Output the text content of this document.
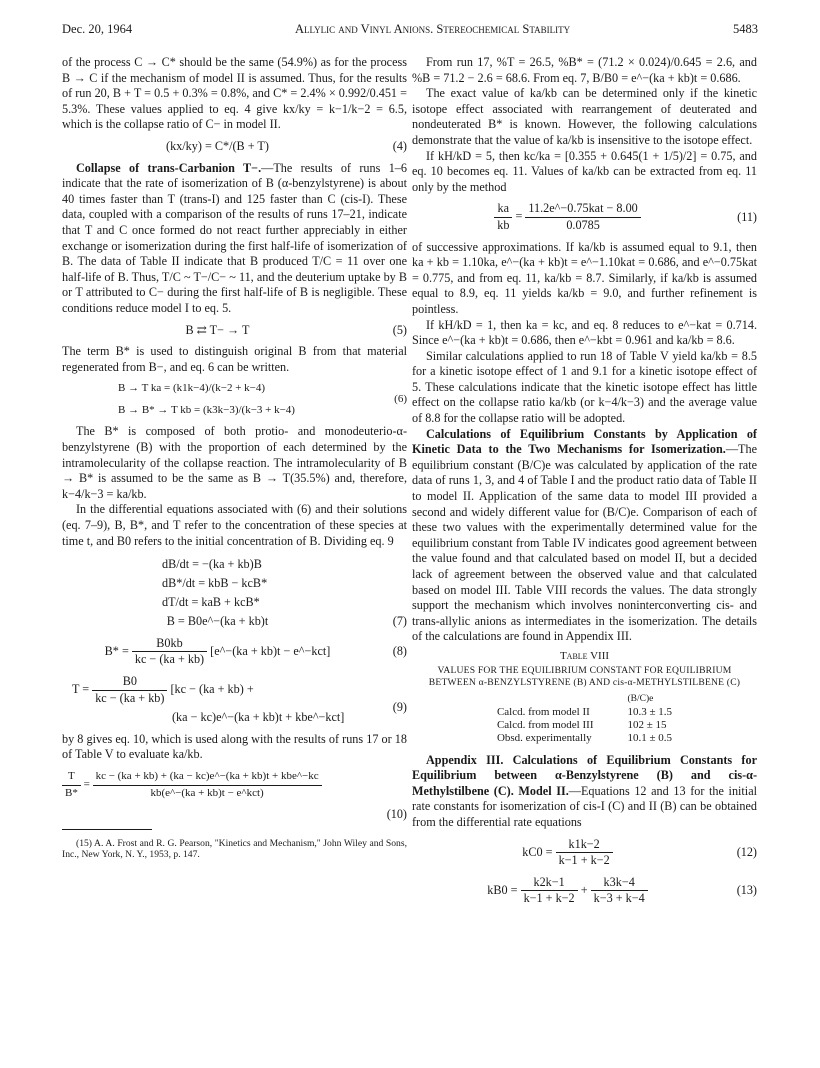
Dec. 20, 1964	Allylic and Vinyl Anions. Stereochemical Stability	5483

of the process C → C* should be the same (54.9%) as for the process B → C if the mechanism of model II is assumed. Thus, for the results of run 20, B + T = 0.5 + 0.3% = 0.8%, and C* = 2.4% × 0.992/0.451 = 5.3%. These values applied to eq. 4 give kx/ky = k−1/k−2 = 6.5, which is the collapse ratio of C− in model II.

(kx/ky) = C*/(B + T)	(4)

Collapse of trans-Carbanion T−.—The results of runs 1–6 indicate that the rate of isomerization of B (α-benzylstyrene) is about 40 times faster than T (trans-I) and 125 faster than C (cis-I). These data, coupled with a comparison of the results of runs 17–21, indicate that T and C once formed do not react further appreciably in either exchange or isomerization during the first half-life of isomerization of B. The data of Table II indicate that B produced T/C = 11 over one half-life of B. Thus, T/C ~ T−/C− ~ 11, and the deuterium uptake by B or T attributed to C− during the first half-life of B is negligible. These conditions reduce model I to eq. 5.

B ⇄ T− → T	(5)

The term B* is used to distinguish original B from that material regenerated from B−, and eq. 6 can be written.

B → T ka = (k1k−4)/(k−2 + k−4)
B → B* → T kb = (k3k−3)/(k−3 + k−4)
(6)

The B* is composed of both protio- and monodeuterio-α-benzylstyrene (B) with the proportion of each determined by the intramolecularity of the collapse reaction. The intramolecularity of B → B* is assumed to be the same as B → T(35.5%) and, therefore, k−4/k−3 = ka/kb.

In the differential equations associated with (6) and their solutions (eq. 7–9), B, B*, and T refer to the concentration of these species at time t, and B0 refers to the initial concentration of B. Dividing eq. 9

dB/dt = −(ka + kb)B
dB*/dt = kbB − kcB*
dT/dt = kaB + kcB*
B = B0e^−(ka + kb)t	(7)
$B* = \frac{B0kb}{kc - (ka + kb)}$ [e^−(ka + kb)t − e^−kct]	(8)
$T = \frac{B0}{kc - (ka + kb)} [kc - (ka + kb)$ +
(ka − kc)e^−(ka + kb)t + kbe^−kct]
(9)

by 8 gives eq. 10, which is used along with the results of runs 17 or 18 of Table V to evaluate ka/kb.

$\frac{T}{B*} = \frac{\text{kc − (ka + kb) + (ka − kc)e\textasciicircum{}−(ka + kb)t + kbe\textasciicircum{}−kc}}{\text{kb(e\textasciicircum{}−(ka + kb)t − e\textasciicircum{}kct)}}$
(10)
(15) A. A. Frost and R. G. Pearson, "Kinetics and Mechanism," John Wiley and Sons, Inc., New York, N. Y., 1953, p. 147.

From run 17, %T = 26.5, %B* = (71.2 × 0.024)/0.645 = 2.6, and %B = 71.2 − 2.6 = 68.6. From eq. 7, B/B0 = e^−(ka + kb)t = 0.686.

The exact value of ka/kb can be determined only if the kinetic isotope effect associated with rearrangement of deuterated and nondeuterated B* is known. However, the following calculations demonstrate that the value of ka/kb is insensitive to the isotope effect.

If kH/kD = 5, then kc/ka = [0.355 + 0.645(1 + 1/5)/2] = 0.75, and eq. 10 becomes eq. 11. Values of ka/kb can be extracted from eq. 11 only by the method

$\frac{ka}{kb} = \frac{\text{11.2e\textasciicircum{}−0.75kat − 8.00}}{0.0785}$	(11)

of successive approximations. If ka/kb is assumed equal to 9.1, then ka + kb = 1.10ka, e^−(ka + kb)t = e^−1.10kat = 0.686, and e^−0.75kat = 0.775, and from eq. 11, ka/kb = 8.7. Similarly, if ka/kb is assumed equal to 8.9, eq. 11 yields ka/kb = 9.0, and further refinement is pointless.

If kH/kD = 1, then ka = kc, and eq. 8 reduces to e^−kat = 0.714. Since e^−(ka + kb)t = 0.686, then e^−kbt = 0.961 and ka/kb = 8.6.

Similar calculations applied to run 18 of Table V yield ka/kb = 8.5 for a kinetic isotope effect of 1 and 9.1 for a kinetic isotope effect of 5. These calculations indicate that the kinetic isotope effect has little effect on the collapse ratio ka/kb (or k−4/k−3) and the average value of 8.8 for the collapse ratio will be adopted.

Calculations of Equilibrium Constants by Application of Kinetic Data to the Two Mechanisms for Isomerization.—The equilibrium constant (B/C)e was calculated by application of the rate data of runs 1, 3, and 4 of Table I and the product ratio data of Table II to model II. Application of the same data to model III provided a second and widely different value for (B/C)e. Comparison of each of these two values with the experimentally determined value for the equilibrium constant from Table IV indicates good agreement between the value found and that calculated based on model II, but a decided lack of agreement between the observed value and that calculated based on model III. Table VIII records the values. The data strongly support the mechanism which involves noninterconverting cis- and trans-allylic anions as intermediates in the isomerization. The details of the calculations are found in Appendix III.

Table VIII
VALUES FOR THE EQUILIBRIUM CONSTANT FOR EQUILIBRIUM
BETWEEN α-BENZYLSTYRENE (B) AND cis-α-METHYLSTILBENE (C)
	(B/C)e
Calcd. from model II	10.3 ± 1.5
Calcd. from model III	102 ± 15
Obsd. experimentally	10.1 ± 0.5

Appendix III. Calculations of Equilibrium Constants for Equilibrium between α-Benzylstyrene (B) and cis-α-Methylstilbene (C). Model II.—Equations 12 and 13 for the initial rate constants for isomerization of cis-I (C) and II (B) can be obtained from the differential rate equations

$kC0 = \frac{k1k-2}{k-1 + k-2}$	(12)
$kB0 = \frac{k2k-1}{k-1 + k-2} + \frac{k3k-4}{k-3 + k-4}$	(13)
